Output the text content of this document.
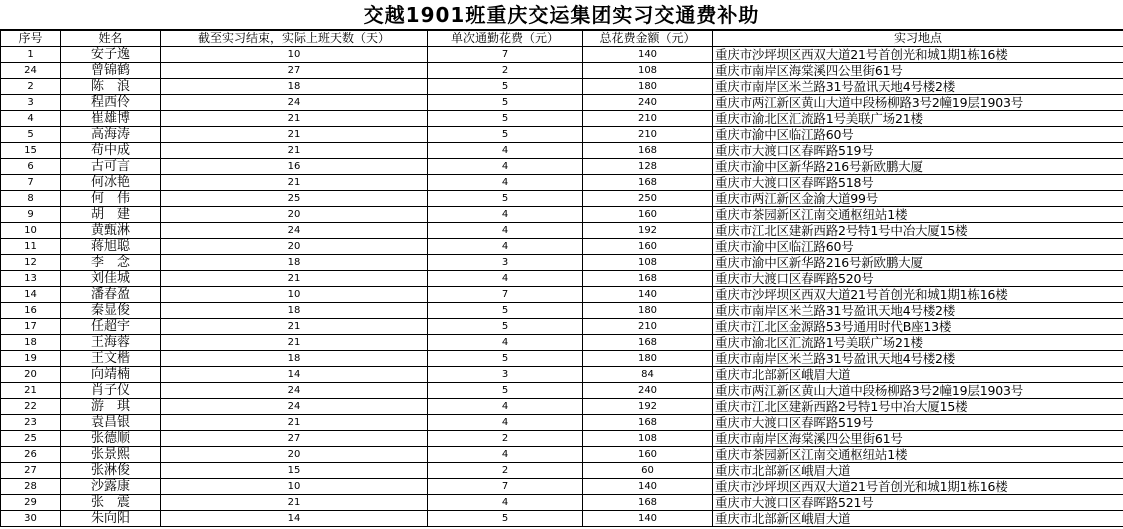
交越1901班重庆交运集团实习交通费补助
序号	姓名	截至实习结束，实际上班天数（天）	单次通勤花费（元）	总花费金额（元）	实习地点
1	安子逸	10	7	140	重庆市沙坪坝区西双大道21号首创光和城1期1栋16楼
24	曾锦鹤	27	2	108	重庆市南岸区海棠溪四公里街61号
2	陈　浪	18	5	180	重庆市南岸区米兰路31号盈讯天地4号楼2楼
3	程西伶	24	5	240	重庆市两江新区黄山大道中段杨柳路3号2幢19层1903号
4	崔雄博	21	5	210	重庆市渝北区汇流路1号美联广场21楼
5	高海涛	21	5	210	重庆市渝中区临江路60号
15	苟中成	21	4	168	重庆市大渡口区春晖路519号
6	古可言	16	4	128	重庆市渝中区新华路216号新欧鹏大厦
7	何冰艳	21	4	168	重庆市大渡口区春晖路518号
8	何　伟	25	5	250	重庆市两江新区金渝大道99号
9	胡　建	20	4	160	重庆市茶园新区江南交通枢纽站1楼
10	黄甄淋	24	4	192	重庆市江北区建新西路2号特1号中冶大厦15楼
11	蒋旭聪	20	4	160	重庆市渝中区临江路60号
12	李　念	18	3	108	重庆市渝中区新华路216号新欧鹏大厦
13	刘佳城	21	4	168	重庆市大渡口区春晖路520号
14	潘春盈	10	7	140	重庆市沙坪坝区西双大道21号首创光和城1期1栋16楼
16	秦显俊	18	5	180	重庆市南岸区米兰路31号盈讯天地4号楼2楼
17	任超宇	21	5	210	重庆市江北区金源路53号通用时代B座13楼
18	王海蓉	21	4	168	重庆市渝北区汇流路1号美联广场21楼
19	王文楷	18	5	180	重庆市南岸区米兰路31号盈讯天地4号楼2楼
20	向靖楠	14	3	84	重庆市北部新区峨眉大道
21	肖子仪	24	5	240	重庆市两江新区黄山大道中段杨柳路3号2幢19层1903号
22	游　琪	24	4	192	重庆市江北区建新西路2号特1号中冶大厦15楼
23	袁昌银	21	4	168	重庆市大渡口区春晖路519号
25	张德顺	27	2	108	重庆市南岸区海棠溪四公里街61号
26	张景熙	20	4	160	重庆市茶园新区江南交通枢纽站1楼
27	张淋俊	15	2	60	重庆市北部新区峨眉大道
28	沙露康	10	7	140	重庆市沙坪坝区西双大道21号首创光和城1期1栋16楼
29	张　震	21	4	168	重庆市大渡口区春晖路521号
30	朱向阳	14	5	140	重庆市北部新区峨眉大道
